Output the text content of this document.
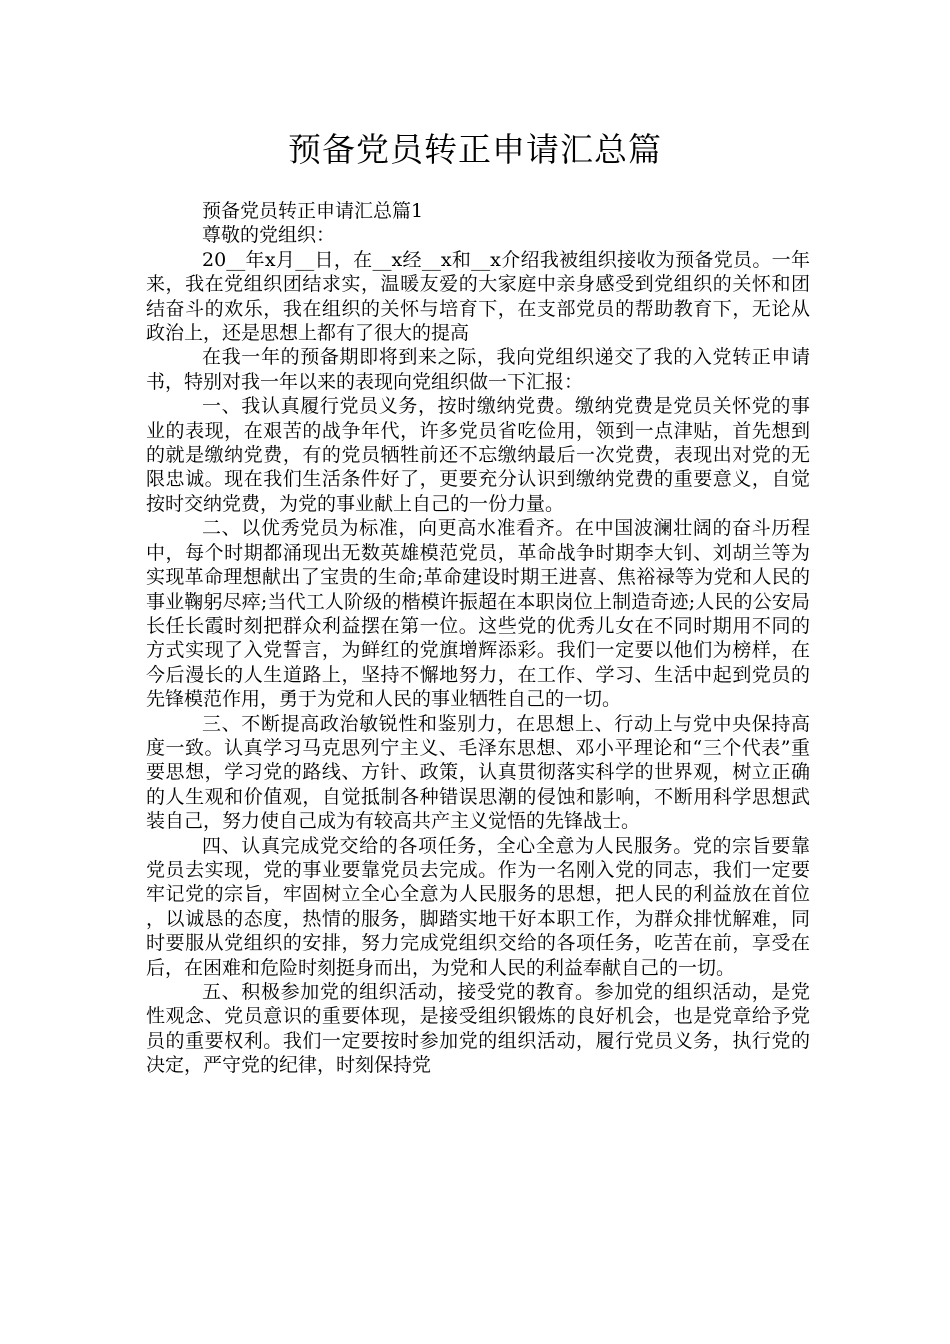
预备党员转正申请汇总篇

预备党员转正申请汇总篇1

尊敬的党组织：

20__年x月__日，在__x经__x和__x介绍我被组织接收为预备党员。一年来，我在党组织团结求实，温暖友爱的大家庭中亲身感受到党组织的关怀和团结奋斗的欢乐，我在组织的关怀与培育下，在支部党员的帮助教育下，无论从政治上，还是思想上都有了很大的提高

在我一年的预备期即将到来之际，我向党组织递交了我的入党转正申请书，特别对我一年以来的表现向党组织做一下汇报：

一、我认真履行党员义务，按时缴纳党费。缴纳党费是党员关怀党的事业的表现，在艰苦的战争年代，许多党员省吃俭用，领到一点津贴，首先想到的就是缴纳党费，有的党员牺牲前还不忘缴纳最后一次党费，表现出对党的无限忠诚。现在我们生活条件好了，更要充分认识到缴纳党费的重要意义，自觉按时交纳党费，为党的事业献上自己的一份力量。

二、以优秀党员为标准，向更高水准看齐。在中国波澜壮阔的奋斗历程中，每个时期都涌现出无数英雄模范党员，革命战争时期李大钊、刘胡兰等为实现革命理想献出了宝贵的生命;革命建设时期王进喜、焦裕禄等为党和人民的事业鞠躬尽瘁;当代工人阶级的楷模许振超在本职岗位上制造奇迹;人民的公安局长任长霞时刻把群众利益摆在第一位。这些党的优秀儿女在不同时期用不同的方式实现了入党誓言，为鲜红的党旗增辉添彩。我们一定要以他们为榜样，在今后漫长的人生道路上，坚持不懈地努力，在工作、学习、生活中起到党员的先锋模范作用，勇于为党和人民的事业牺牲自己的一切。

三、不断提高政治敏锐性和鉴别力，在思想上、行动上与党中央保持高度一致。认真学习马克思列宁主义、毛泽东思想、邓小平理论和“三个代表”重要思想，学习党的路线、方针、政策，认真贯彻落实科学的世界观，树立正确的人生观和价值观，自觉抵制各种错误思潮的侵蚀和影响，不断用科学思想武装自己，努力使自己成为有较高共产主义觉悟的先锋战士。

四、认真完成党交给的各项任务，全心全意为人民服务。党的宗旨要靠党员去实现，党的事业要靠党员去完成。作为一名刚入党的同志，我们一定要牢记党的宗旨，牢固树立全心全意为人民服务的思想，把人民的利益放在首位，以诚恳的态度，热情的服务，脚踏实地干好本职工作，为群众排忧解难，同时要服从党组织的安排，努力完成党组织交给的各项任务，吃苦在前，享受在后，在困难和危险时刻挺身而出，为党和人民的利益奉献自己的一切。

五、积极参加党的组织活动，接受党的教育。参加党的组织活动，是党性观念、党员意识的重要体现，是接受组织锻炼的良好机会，也是党章给予党员的重要权利。我们一定要按时参加党的组织活动，履行党员义务，执行党的决定，严守党的纪律，时刻保持党
